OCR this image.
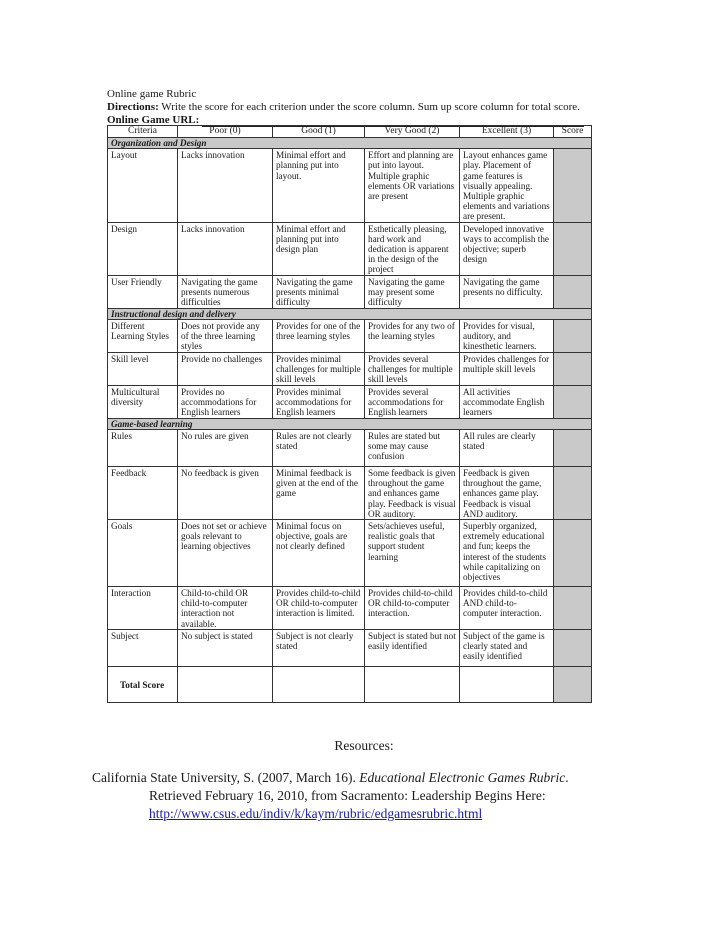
Online game Rubric
Directions: Write the score for each criterion under the score column. Sum up score column for total score.
Online Game URL:
Criteria	Poor (0)	Good (1)	Very Good (2)	Excellent (3)	Score
Organization and Design					
Layout	Lacks innovation	Minimal effort and planning put into layout.	Effort and planning are put into layout. Multiple graphic elements OR variations are present	Layout enhances game play. Placement of game features is visually appealing. Multiple graphic elements and variations are present.	
Design	Lacks innovation	Minimal effort and planning put into design plan	Esthetically pleasing, hard work and dedication is apparent in the design of the project	Developed innovative ways to accomplish the objective; superb design	
User Friendly	Navigating the game presents numerous difficulties	Navigating the game presents minimal difficulty	Navigating the game may present some difficulty	Navigating the game presents no difficulty.	
Instructional design and delivery					
Different Learning Styles	Does not provide any of the three learning styles	Provides for one of the three learning styles	Provides for any two of the learning styles	Provides for visual, auditory, and kinesthetic learners.	
Skill level	Provide no challenges	Provides minimal challenges for multiple skill levels	Provides several challenges for multiple skill levels	Provides challenges for multiple skill levels	
Multicultural diversity	Provides no accommodations for English learners	Provides minimal accommodations for English learners	Provides several accommodations for English learners	All activities accommodate English learners	
Game-based learning					
Rules	No rules are given	Rules are not clearly stated	Rules are stated but some may cause confusion	All rules are clearly stated	
Feedback	No feedback is given	Minimal feedback is given at the end of the game	Some feedback is given throughout the game and enhances game play. Feedback is visual OR auditory.	Feedback is given throughout the game, enhances game play. Feedback is visual AND auditory.	
Goals	Does not set or achieve goals relevant to learning objectives	Minimal focus on objective, goals are not clearly defined	Sets/achieves useful, realistic goals that support student learning	Superbly organized, extremely educational and fun; keeps the interest of the students while capitalizing on objectives	
Interaction	Child-to-child OR child-to-computer interaction not available.	Provides child-to-child OR child-to-computer interaction is limited.	Provides child-to-child OR child-to-computer interaction.	Provides child-to-child AND child-to-computer interaction.	
Subject	No subject is stated	Subject is not clearly stated	Subject is stated but not easily identified	Subject of the game is clearly stated and easily identified	
Total Score					
Resources:
California State University, S. (2007, March 16). Educational Electronic Games Rubric.
Retrieved February 16, 2010, from Sacramento: Leadership Begins Here:
http://www.csus.edu/indiv/k/kaym/rubric/edgamesrubric.html
